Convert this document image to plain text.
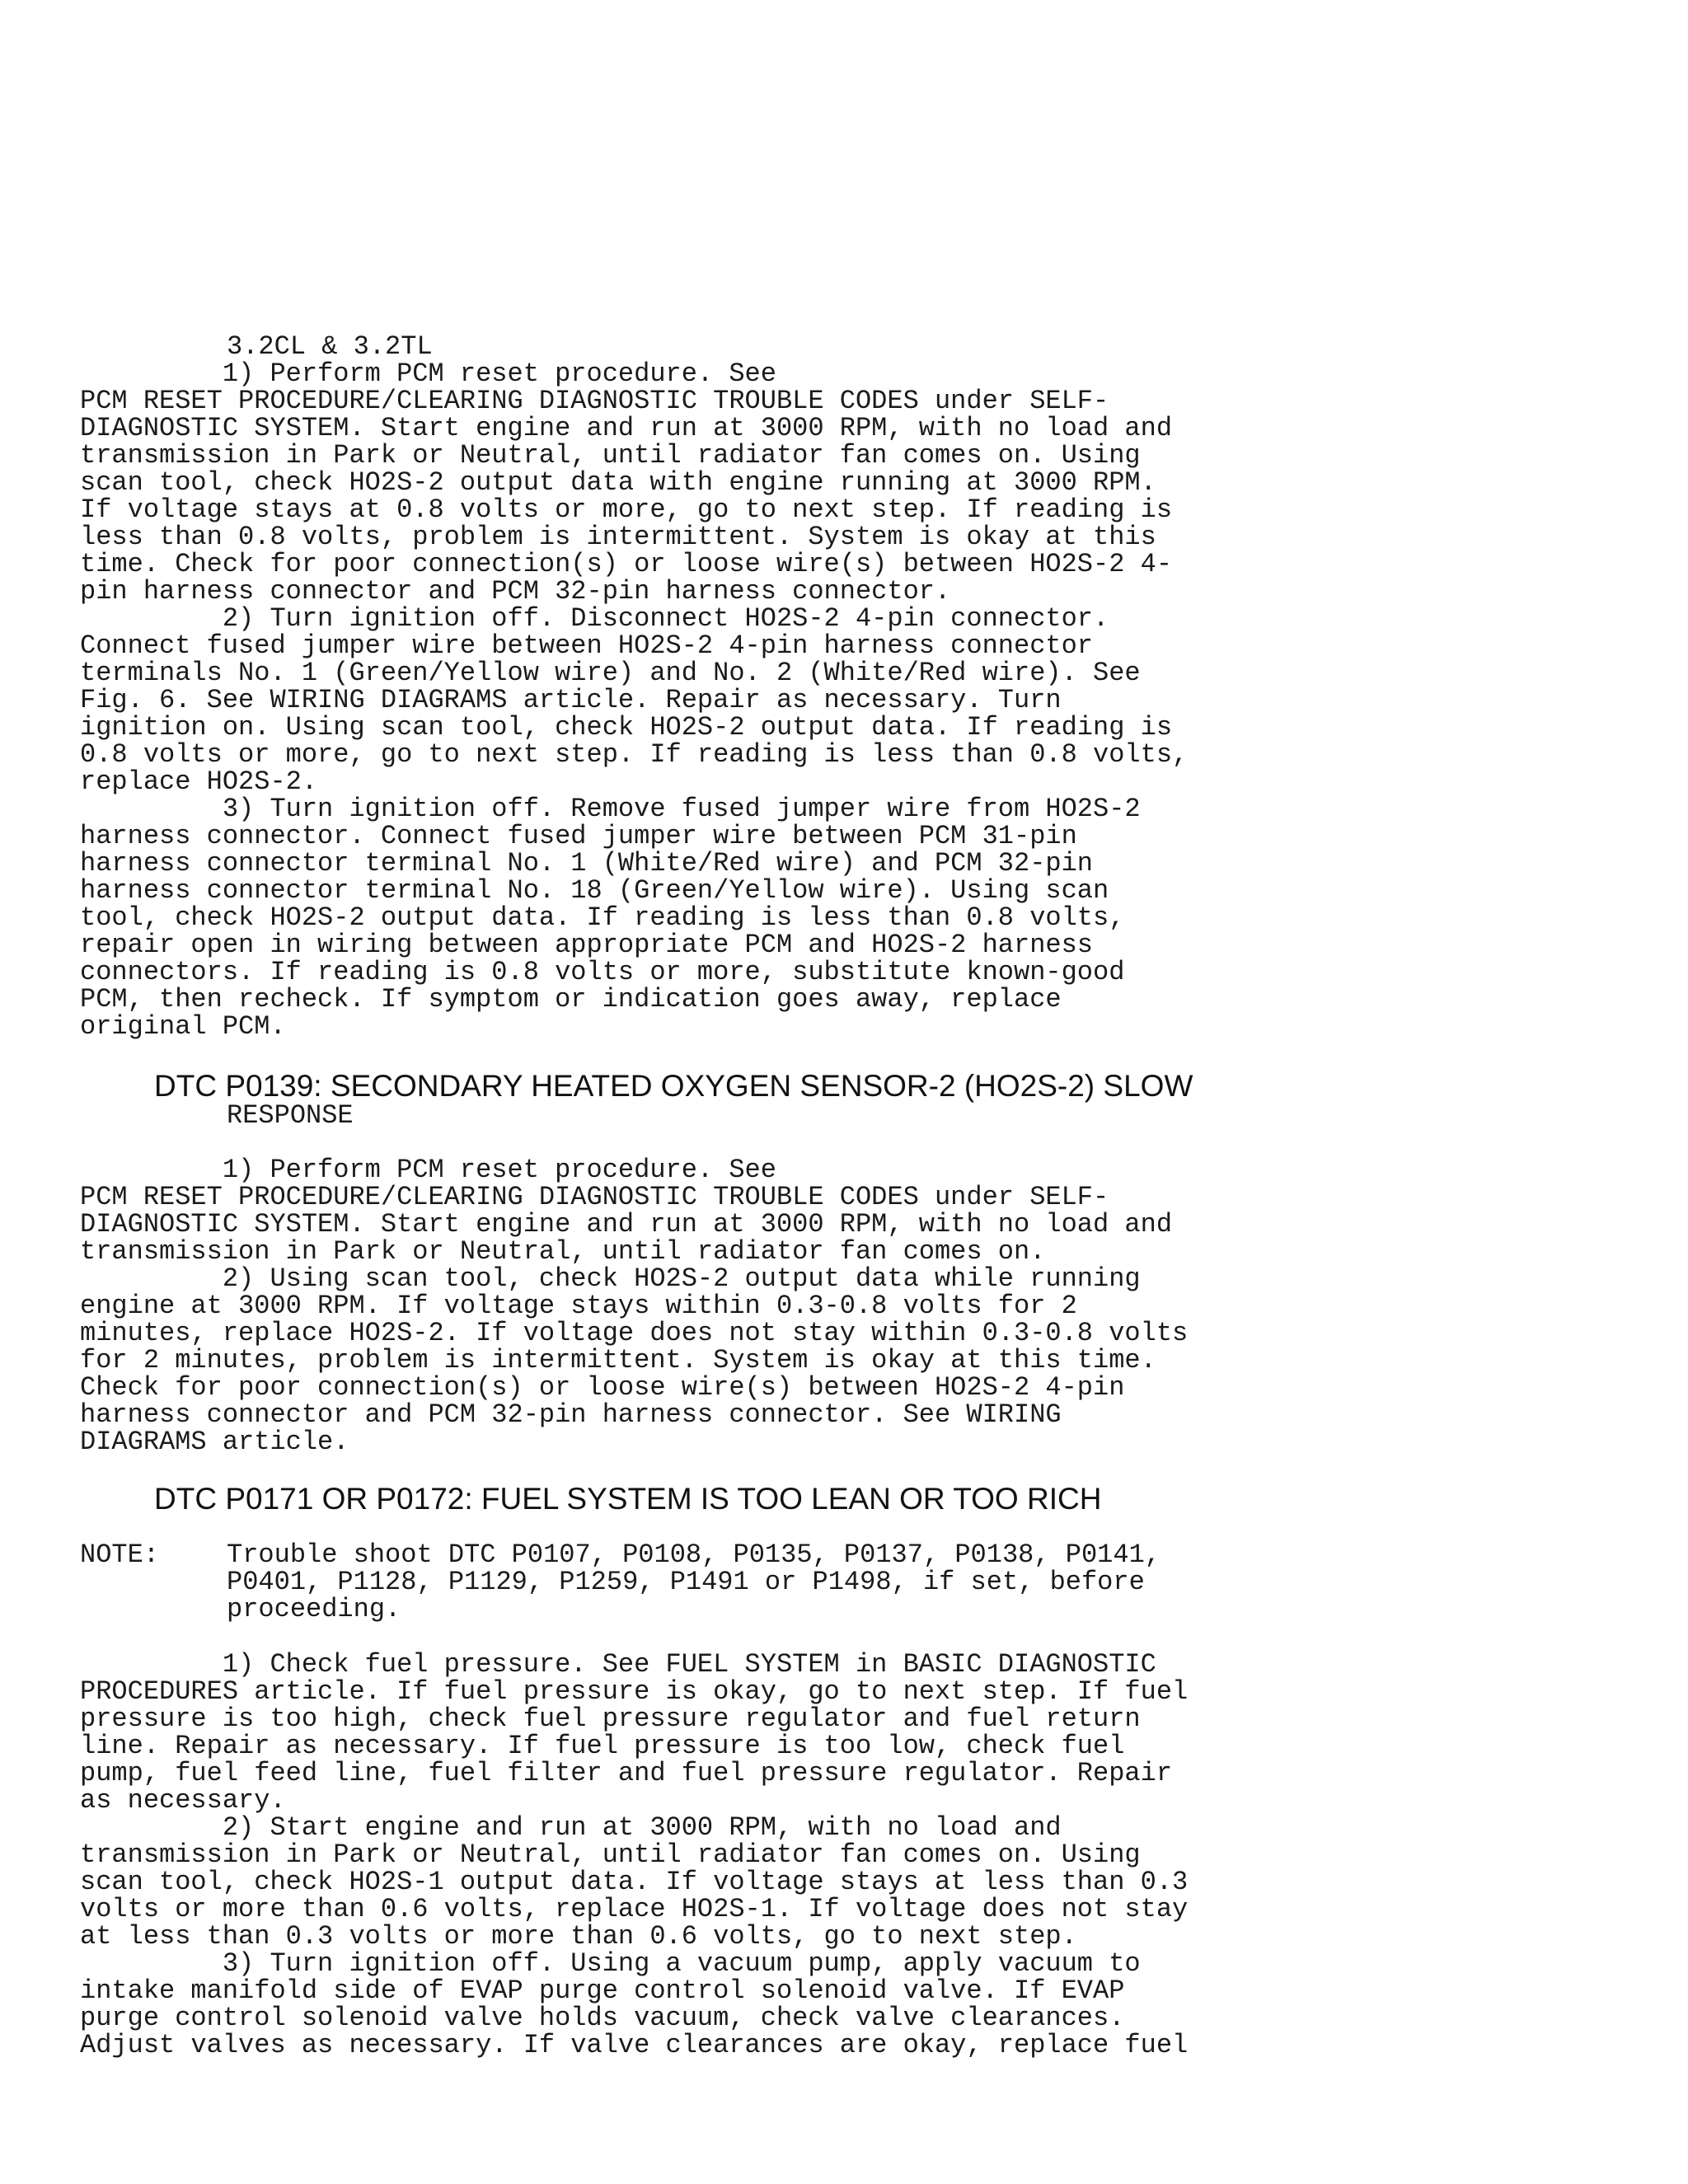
3.2CL & 3.2TL
1) Perform PCM reset procedure. See
PCM RESET PROCEDURE/CLEARING DIAGNOSTIC TROUBLE CODES under SELF-
DIAGNOSTIC SYSTEM. Start engine and run at 3000 RPM, with no load and
transmission in Park or Neutral, until radiator fan comes on. Using
scan tool, check HO2S-2 output data with engine running at 3000 RPM.
If voltage stays at 0.8 volts or more, go to next step. If reading is
less than 0.8 volts, problem is intermittent. System is okay at this
time. Check for poor connection(s) or loose wire(s) between HO2S-2 4-
pin harness connector and PCM 32-pin harness connector.
2) Turn ignition off. Disconnect HO2S-2 4-pin connector.
Connect fused jumper wire between HO2S-2 4-pin harness connector
terminals No. 1 (Green/Yellow wire) and No. 2 (White/Red wire). See
Fig. 6. See WIRING DIAGRAMS article. Repair as necessary. Turn
ignition on. Using scan tool, check HO2S-2 output data. If reading is
0.8 volts or more, go to next step. If reading is less than 0.8 volts,
replace HO2S-2.
3) Turn ignition off. Remove fused jumper wire from HO2S-2
harness connector. Connect fused jumper wire between PCM 31-pin
harness connector terminal No. 1 (White/Red wire) and PCM 32-pin
harness connector terminal No. 18 (Green/Yellow wire). Using scan
tool, check HO2S-2 output data. If reading is less than 0.8 volts,
repair open in wiring between appropriate PCM and HO2S-2 harness
connectors. If reading is 0.8 volts or more, substitute known-good
PCM, then recheck. If symptom or indication goes away, replace
original PCM.
DTC P0139: SECONDARY HEATED OXYGEN SENSOR-2 (HO2S-2) SLOW
RESPONSE
1) Perform PCM reset procedure. See
PCM RESET PROCEDURE/CLEARING DIAGNOSTIC TROUBLE CODES under SELF-
DIAGNOSTIC SYSTEM. Start engine and run at 3000 RPM, with no load and
transmission in Park or Neutral, until radiator fan comes on.
2) Using scan tool, check HO2S-2 output data while running
engine at 3000 RPM. If voltage stays within 0.3-0.8 volts for 2
minutes, replace HO2S-2. If voltage does not stay within 0.3-0.8 volts
for 2 minutes, problem is intermittent. System is okay at this time.
Check for poor connection(s) or loose wire(s) between HO2S-2 4-pin
harness connector and PCM 32-pin harness connector. See WIRING
DIAGRAMS article.
DTC P0171 OR P0172: FUEL SYSTEM IS TOO LEAN OR TOO RICH
NOTE:	Trouble shoot DTC P0107, P0108, P0135, P0137, P0138, P0141,
P0401, P1128, P1129, P1259, P1491 or P1498, if set, before
proceeding.
1) Check fuel pressure. See FUEL SYSTEM in BASIC DIAGNOSTIC
PROCEDURES article. If fuel pressure is okay, go to next step. If fuel
pressure is too high, check fuel pressure regulator and fuel return
line. Repair as necessary. If fuel pressure is too low, check fuel
pump, fuel feed line, fuel filter and fuel pressure regulator. Repair
as necessary.
2) Start engine and run at 3000 RPM, with no load and
transmission in Park or Neutral, until radiator fan comes on. Using
scan tool, check HO2S-1 output data. If voltage stays at less than 0.3
volts or more than 0.6 volts, replace HO2S-1. If voltage does not stay
at less than 0.3 volts or more than 0.6 volts, go to next step.
3) Turn ignition off. Using a vacuum pump, apply vacuum to
intake manifold side of EVAP purge control solenoid valve. If EVAP
purge control solenoid valve holds vacuum, check valve clearances.
Adjust valves as necessary. If valve clearances are okay, replace fuel
